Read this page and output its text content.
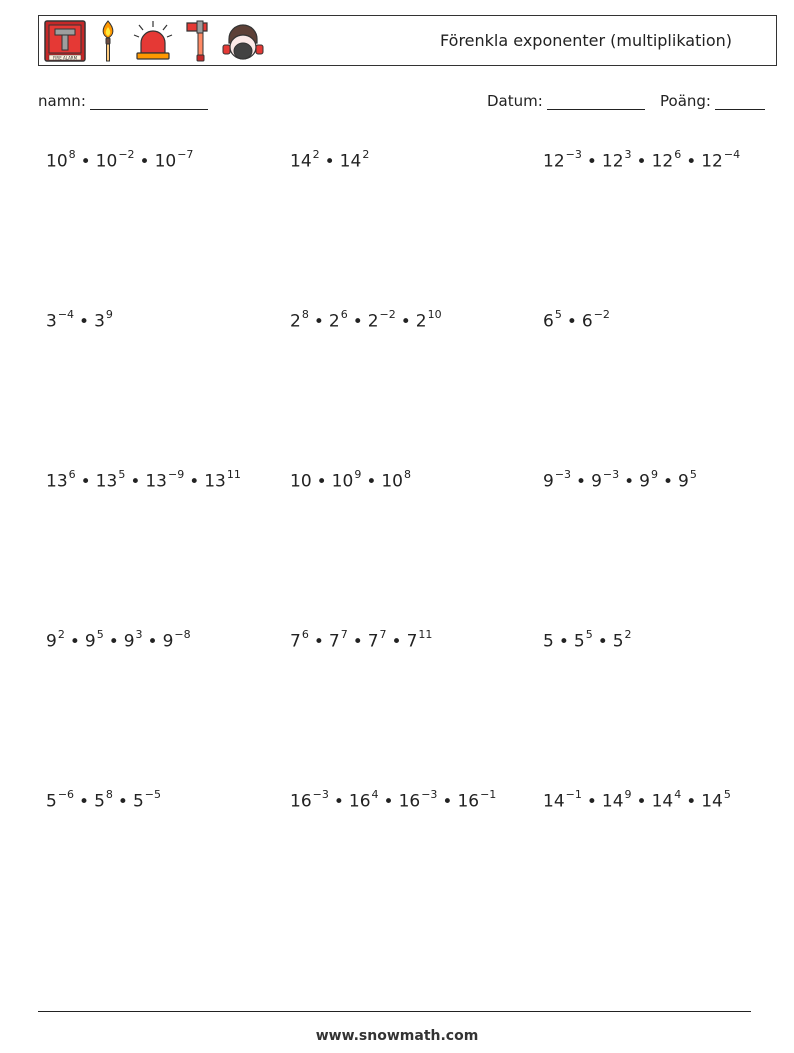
FIRE ALARM
Förenkla exponenter (multiplikation)
namn:	Datum:	Poäng:
$10^8$ • $10^{-2}$ • $10^{-7}$	$14^2$ • $14^2$	$12^{-3}$ • $12^3$ • $12^6$ • $12^{-4}$
$3^{-4}$ • $3^9$	$2^8$ • $2^6$ • $2^{-2}$ • $2^{10}$	$6^5$ • $6^{-2}$
$13^6$ • $13^5$ • $13^{-9}$ • $13^{11}$	10 • $10^9$ • $10^8$	$9^{-3}$ • $9^{-3}$ • $9^9$ • $9^5$
$9^2$ • $9^5$ • $9^3$ • $9^{-8}$	$7^6$ • $7^7$ • $7^7$ • $7^{11}$	5 • $5^5$ • $5^2$
$5^{-6}$ • $5^8$ • $5^{-5}$	$16^{-3}$ • $16^4$ • $16^{-3}$ • $16^{-1}$	$14^{-1}$ • $14^9$ • $14^4$ • $14^5$
www.snowmath.com
